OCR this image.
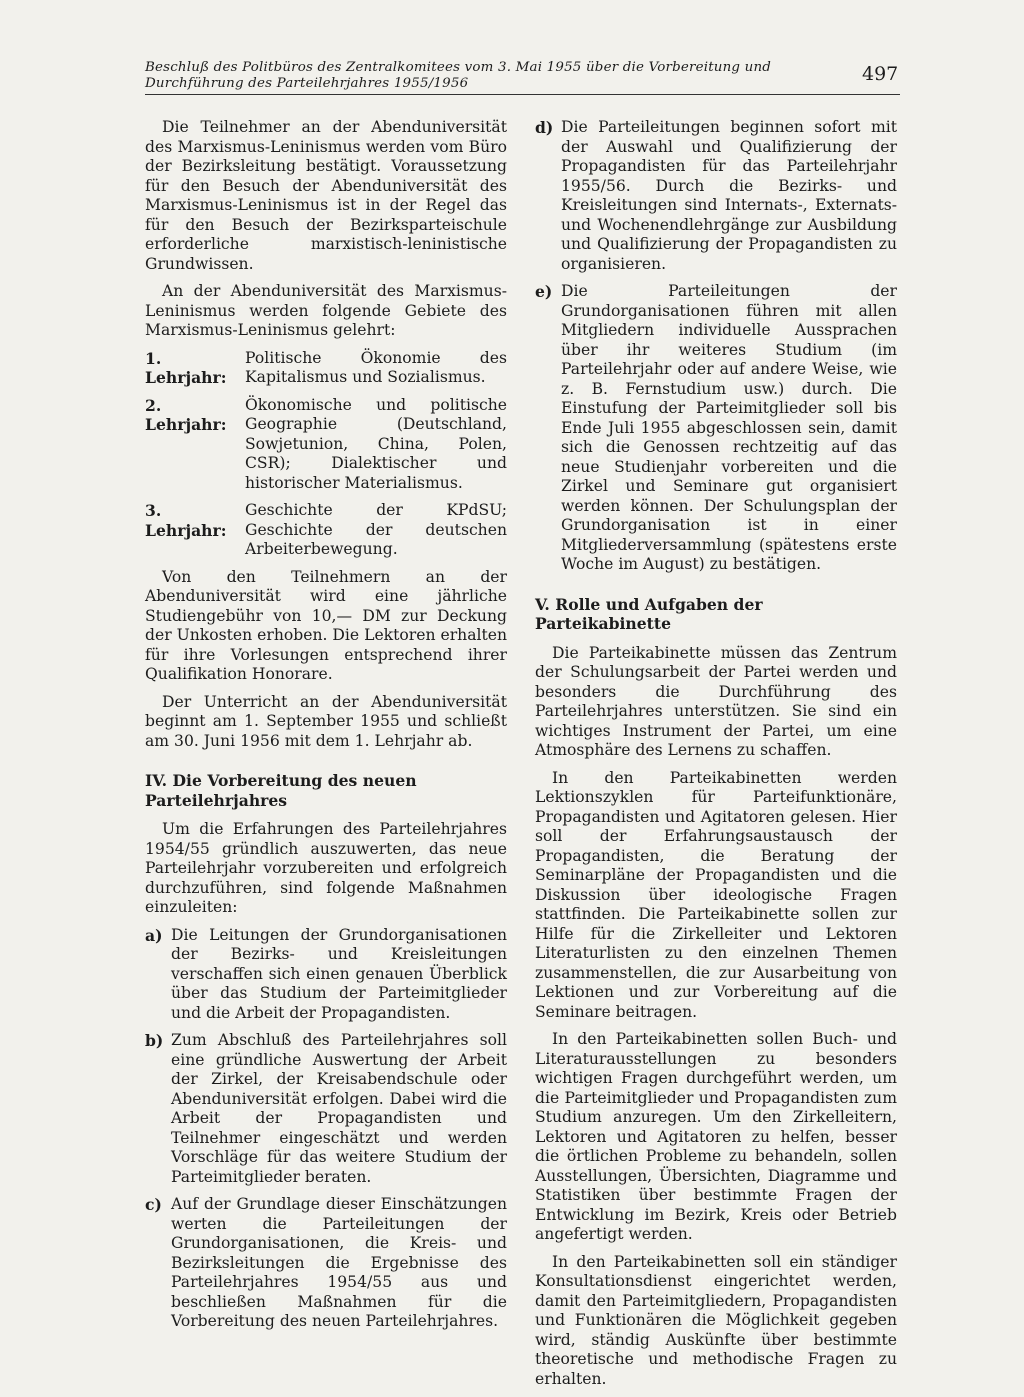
Beschluß des Politbüros des Zentralkomitees vom 3. Mai 1955 über die Vorbereitung und
Durchführung des Parteilehrjahres 1955/1956	497

Die Teilnehmer an der Abenduniversität des Marxismus-Leninismus werden vom Büro der Bezirksleitung bestätigt. Voraussetzung für den Besuch der Abenduniversität des Marxismus-Leninismus ist in der Regel das für den Besuch der Bezirksparteischule erforderliche marxistisch-leninistische Grundwissen.

An der Abenduniversität des Marxismus-Leninismus werden folgende Gebiete des Marxismus-Leninismus gelehrt:

1. Lehrjahr:
Politische Ökonomie des Kapitalismus und Sozialismus.
2. Lehrjahr:
Ökonomische und politische Geographie (Deutschland, Sowjetunion, China, Polen, CSR); Dialektischer und historischer Materialismus.
3. Lehrjahr:
Geschichte der KPdSU; Geschichte der deutschen Arbeiterbewegung.

Von den Teilnehmern an der Abenduniversität wird eine jährliche Studiengebühr von 10,— DM zur Deckung der Unkosten erhoben. Die Lektoren erhalten für ihre Vorlesungen entsprechend ihrer Qualifikation Honorare.

Der Unterricht an der Abenduniversität beginnt am 1. September 1955 und schließt am 30. Juni 1956 mit dem 1. Lehrjahr ab.

IV. Die Vorbereitung des neuen Parteilehrjahres

Um die Erfahrungen des Parteilehrjahres 1954/55 gründlich auszuwerten, das neue Parteilehrjahr vorzubereiten und erfolgreich durchzuführen, sind folgende Maßnahmen einzuleiten:

a) Die Leitungen der Grundorganisationen der Bezirks- und Kreisleitungen verschaffen sich einen genauen Überblick über das Studium der Parteimitglieder und die Arbeit der Propagandisten.
b) Zum Abschluß des Parteilehrjahres soll eine gründliche Auswertung der Arbeit der Zirkel, der Kreisabendschule oder Abenduniversität erfolgen. Dabei wird die Arbeit der Propagandisten und Teilnehmer eingeschätzt und werden Vorschläge für das weitere Studium der Parteimitglieder beraten.
c) Auf der Grundlage dieser Einschätzungen werten die Parteileitungen der Grundorganisationen, die Kreis- und Bezirksleitungen die Ergebnisse des Parteilehrjahres 1954/55 aus und beschließen Maßnahmen für die Vorbereitung des neuen Parteilehrjahres.
d) Die Parteileitungen beginnen sofort mit der Auswahl und Qualifizierung der Propagandisten für das Parteilehrjahr 1955/56. Durch die Bezirks- und Kreisleitungen sind Internats-, Externats- und Wochenendlehrgänge zur Ausbildung und Qualifizierung der Propagandisten zu organisieren.
e) Die Parteileitungen der Grundorganisationen führen mit allen Mitgliedern individuelle Aussprachen über ihr weiteres Studium (im Parteilehrjahr oder auf andere Weise, wie z. B. Fernstudium usw.) durch. Die Einstufung der Parteimitglieder soll bis Ende Juli 1955 abgeschlossen sein, damit sich die Genossen rechtzeitig auf das neue Studienjahr vorbereiten und die Zirkel und Seminare gut organisiert werden können. Der Schulungsplan der Grundorganisation ist in einer Mitgliederversammlung (spätestens erste Woche im August) zu bestätigen.
V. Rolle und Aufgaben der Parteikabinette

Die Parteikabinette müssen das Zentrum der Schulungsarbeit der Partei werden und besonders die Durchführung des Parteilehrjahres unterstützen. Sie sind ein wichtiges Instrument der Partei, um eine Atmosphäre des Lernens zu schaffen.

In den Parteikabinetten werden Lektionszyklen für Parteifunktionäre, Propagandisten und Agitatoren gelesen. Hier soll der Erfahrungsaustausch der Propagandisten, die Beratung der Seminarpläne der Propagandisten und die Diskussion über ideologische Fragen stattfinden. Die Parteikabinette sollen zur Hilfe für die Zirkelleiter und Lektoren Literaturlisten zu den einzelnen Themen zusammenstellen, die zur Ausarbeitung von Lektionen und zur Vorbereitung auf die Seminare beitragen.

In den Parteikabinetten sollen Buch- und Literaturausstellungen zu besonders wichtigen Fragen durchgeführt werden, um die Parteimitglieder und Propagandisten zum Studium anzuregen. Um den Zirkelleitern, Lektoren und Agitatoren zu helfen, besser die örtlichen Probleme zu behandeln, sollen Ausstellungen, Übersichten, Diagramme und Statistiken über bestimmte Fragen der Entwicklung im Bezirk, Kreis oder Betrieb angefertigt werden.

In den Parteikabinetten soll ein ständiger Konsultationsdienst eingerichtet werden, damit den Parteimitgliedern, Propagandisten und Funktionären die Möglichkeit gegeben wird, ständig Auskünfte über bestimmte theoretische und methodische Fragen zu erhalten.
